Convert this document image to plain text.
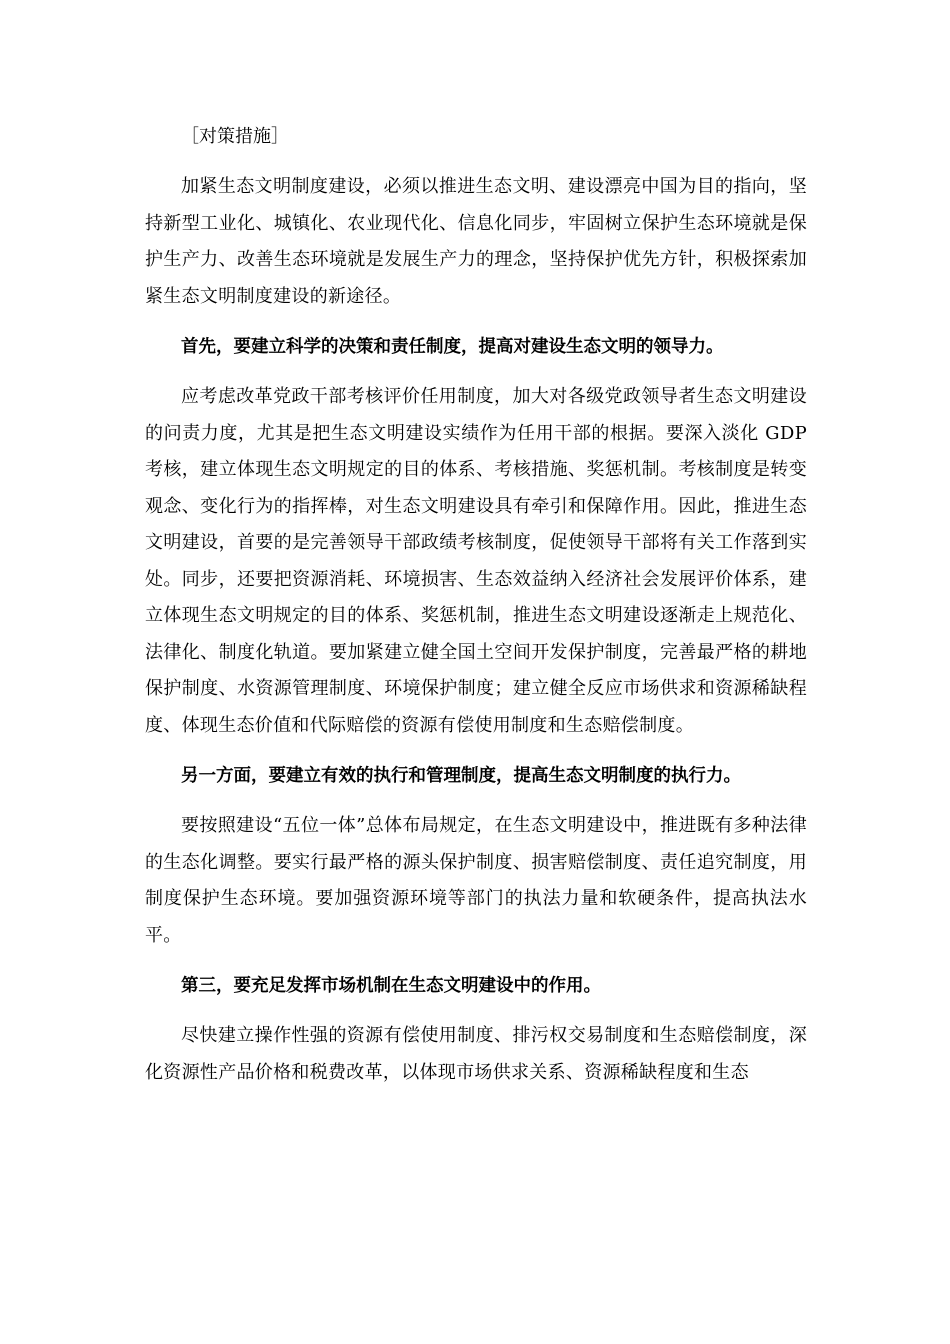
［对策措施］

加紧生态文明制度建设，必须以推进生态文明、建设漂亮中国为目的指向，坚持新型工业化、城镇化、农业现代化、信息化同步，牢固树立保护生态环境就是保护生产力、改善生态环境就是发展生产力的理念，坚持保护优先方针，积极探索加紧生态文明制度建设的新途径。

首先，要建立科学的决策和责任制度，提高对建设生态文明的领导力。

应考虑改革党政干部考核评价任用制度，加大对各级党政领导者生态文明建设的问责力度，尤其是把生态文明建设实绩作为任用干部的根据。要深入淡化 GDP 考核，建立体现生态文明规定的目的体系、考核措施、奖惩机制。考核制度是转变观念、变化行为的指挥棒，对生态文明建设具有牵引和保障作用。因此，推进生态文明建设，首要的是完善领导干部政绩考核制度，促使领导干部将有关工作落到实处。同步，还要把资源消耗、环境损害、生态效益纳入经济社会发展评价体系，建立体现生态文明规定的目的体系、奖惩机制，推进生态文明建设逐渐走上规范化、法律化、制度化轨道。要加紧建立健全国土空间开发保护制度，完善最严格的耕地保护制度、水资源管理制度、环境保护制度；建立健全反应市场供求和资源稀缺程度、体现生态价值和代际赔偿的资源有偿使用制度和生态赔偿制度。

另一方面，要建立有效的执行和管理制度，提高生态文明制度的执行力。

要按照建设“五位一体”总体布局规定，在生态文明建设中，推进既有多种法律的生态化调整。要实行最严格的源头保护制度、损害赔偿制度、责任追究制度，用制度保护生态环境。要加强资源环境等部门的执法力量和软硬条件，提高执法水平。

第三，要充足发挥市场机制在生态文明建设中的作用。

尽快建立操作性强的资源有偿使用制度、排污权交易制度和生态赔偿制度，深化资源性产品价格和税费改革，以体现市场供求关系、资源稀缺程度和生态
